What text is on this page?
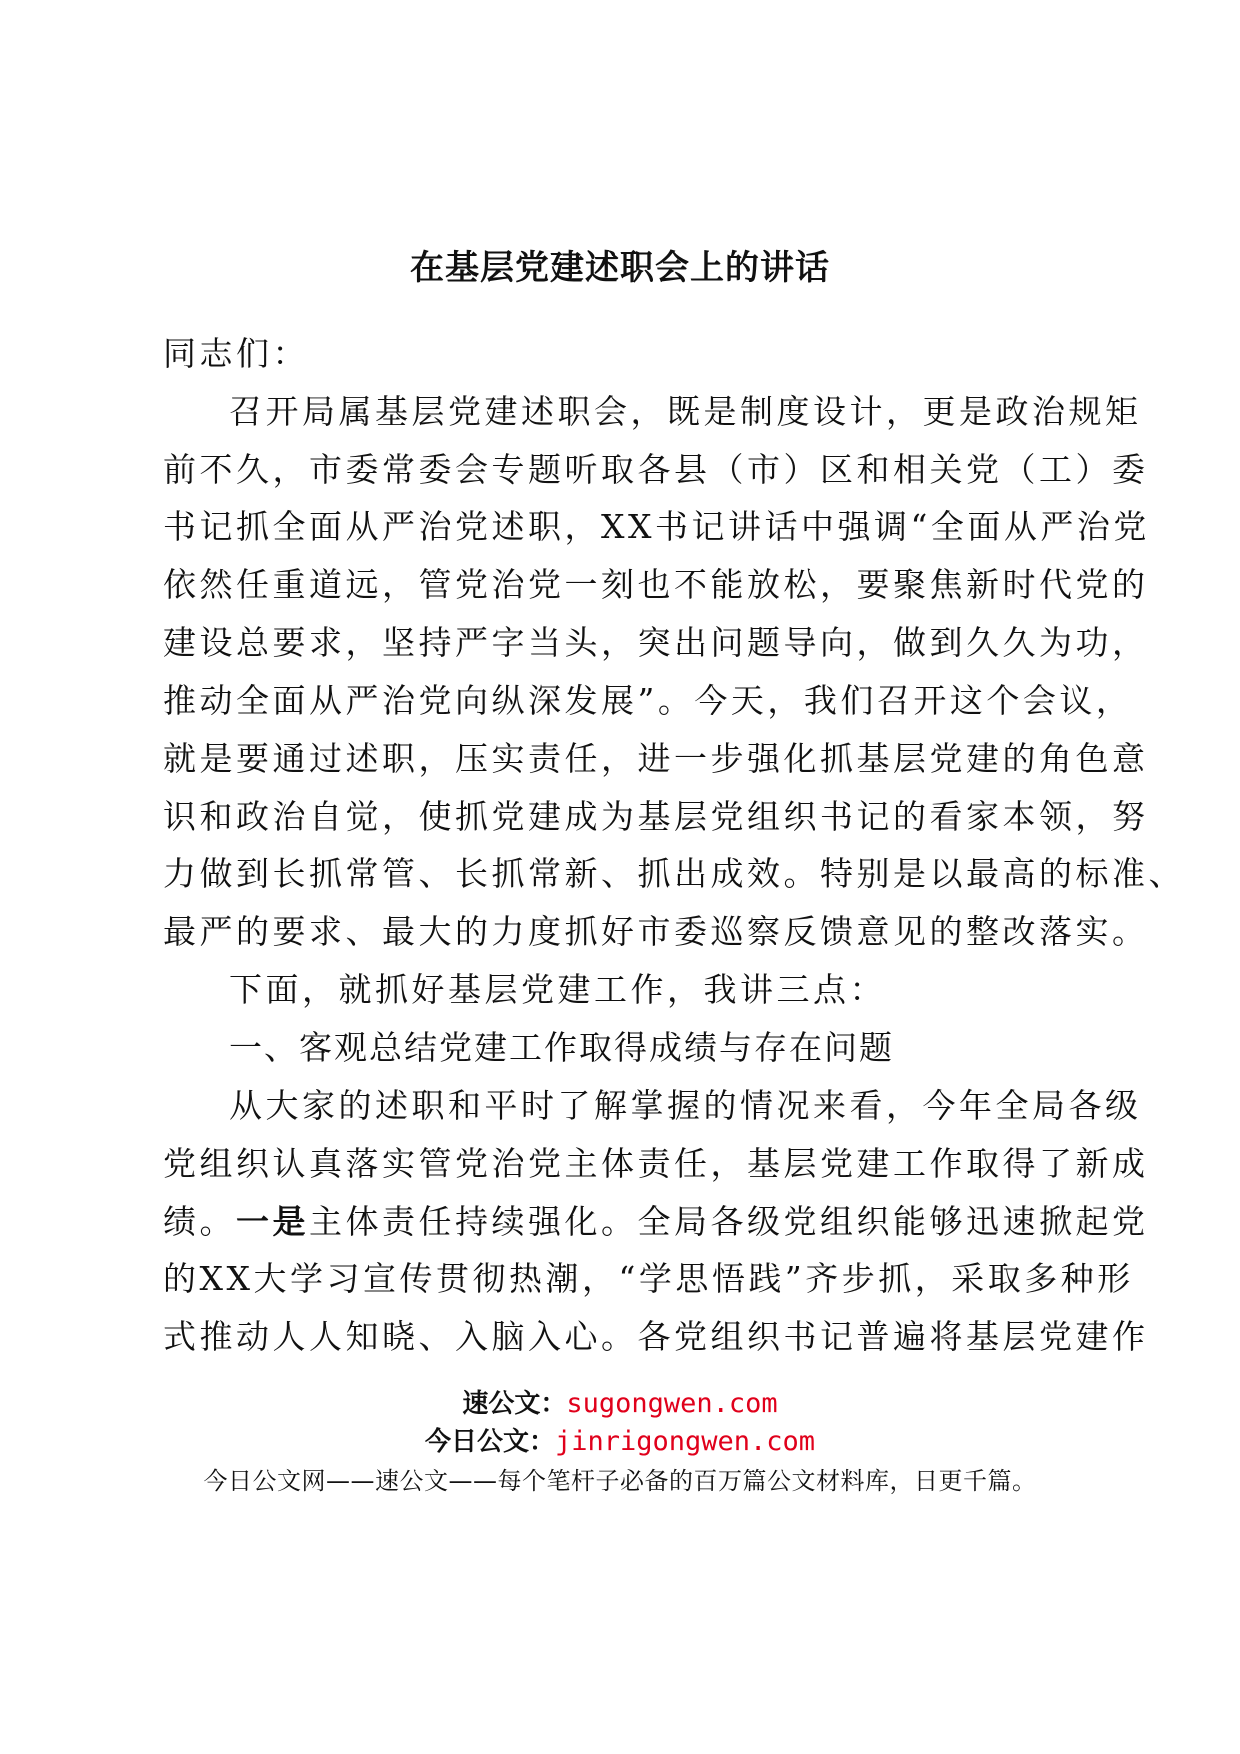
在基层党建述职会上的讲话
同志们：
召开局属基层党建述职会，既是制度设计，更是政治规矩
前不久，市委常委会专题听取各县（市）区和相关党（工）委
书记抓全面从严治党述职，XX书记讲话中强调“全面从严治党
依然任重道远，管党治党一刻也不能放松，要聚焦新时代党的
建设总要求，坚持严字当头，突出问题导向，做到久久为功，
推动全面从严治党向纵深发展”。今天，我们召开这个会议，
就是要通过述职，压实责任，进一步强化抓基层党建的角色意
识和政治自觉，使抓党建成为基层党组织书记的看家本领，努
力做到长抓常管、长抓常新、抓出成效。特别是以最高的标准、
最严的要求、最大的力度抓好市委巡察反馈意见的整改落实。
下面，就抓好基层党建工作，我讲三点：
一、客观总结党建工作取得成绩与存在问题
从大家的述职和平时了解掌握的情况来看，今年全局各级
党组织认真落实管党治党主体责任，基层党建工作取得了新成
绩。一是主体责任持续强化。全局各级党组织能够迅速掀起党
的XX大学习宣传贯彻热潮，“学思悟践”齐步抓，采取多种形
式推动人人知晓、入脑入心。各党组织书记普遍将基层党建作
速公文：sugongwen.com
今日公文：jinrigongwen.com
今日公文网——速公文——每个笔杆子必备的百万篇公文材料库，日更千篇。
